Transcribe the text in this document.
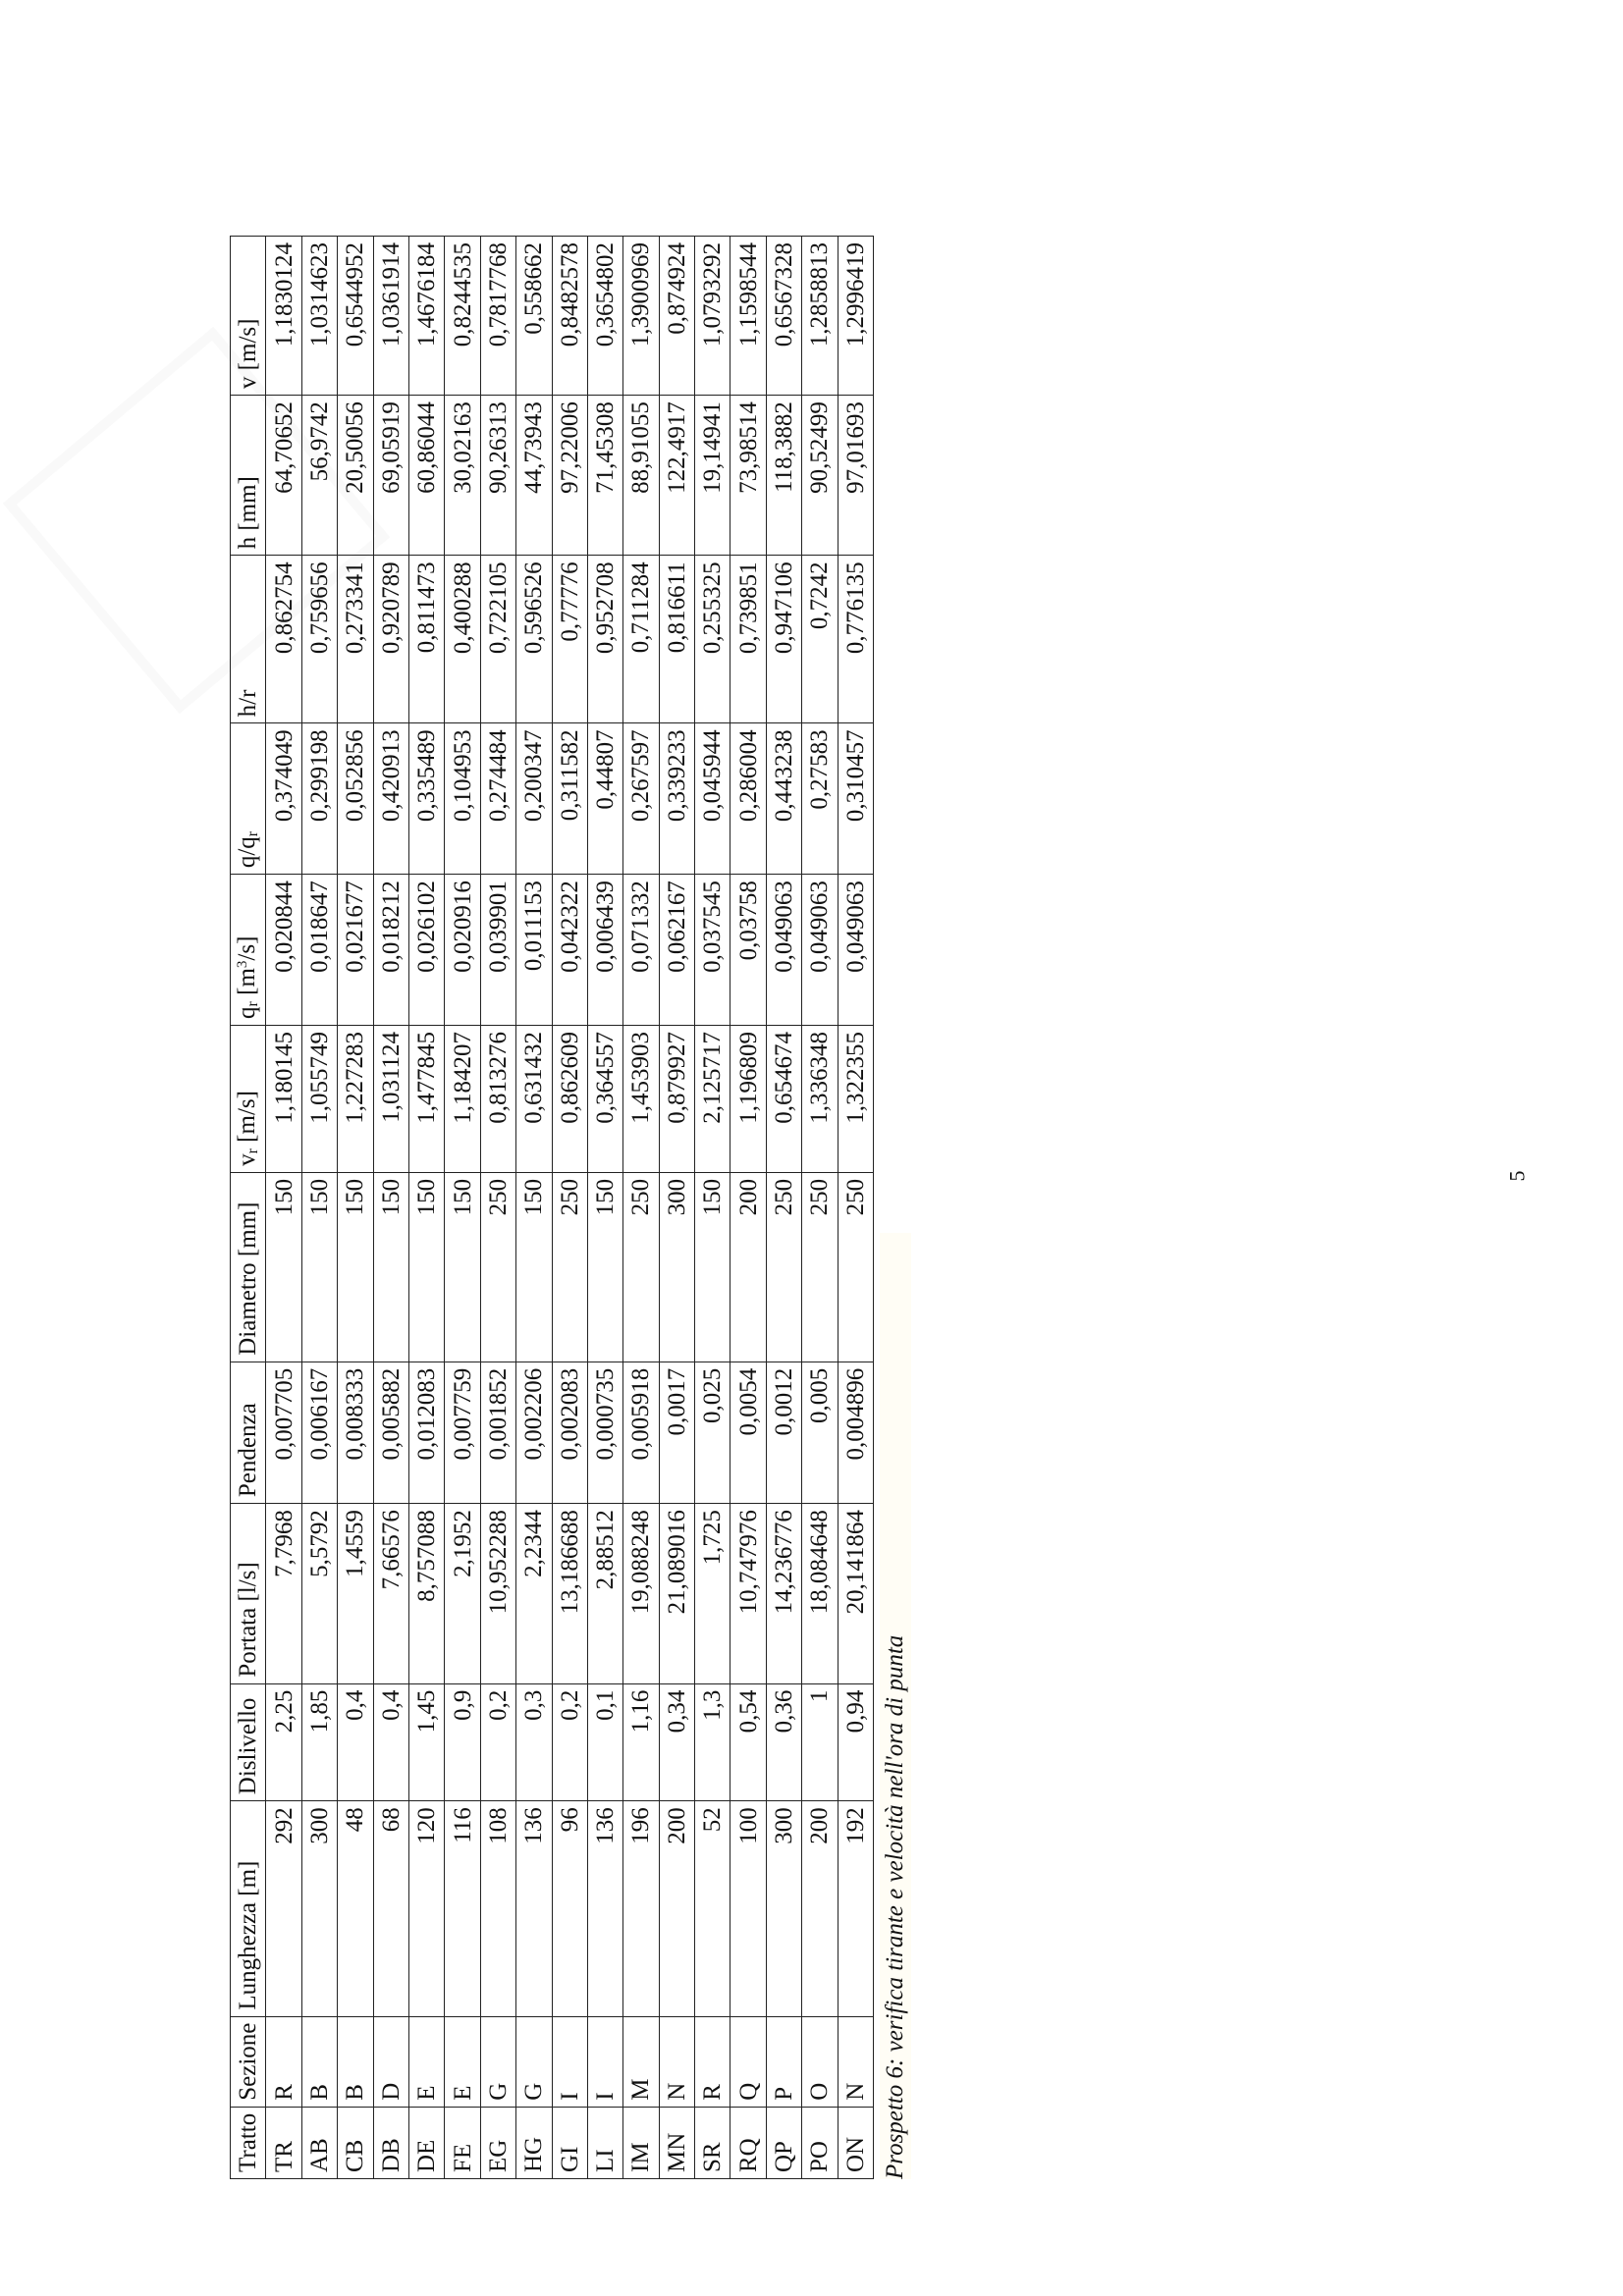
Tratto	Sezione	Lunghezza [m]	Dislivello	Portata [l/s]	Pendenza	Diametro [mm]	vr [m/s]	qr $[m^3/s]$	q/qr	h/r	h [mm]	v [m/s]
TR	R	292	2,25	7,7968	0,007705	150	1,180145	0,020844	0,374049	0,862754	64,70652	1,1830124
AB	B	300	1,85	5,5792	0,006167	150	1,055749	0,018647	0,299198	0,759656	56,9742	1,0314623
CB	B	48	0,4	1,4559	0,008333	150	1,227283	0,021677	0,052856	0,273341	20,50056	0,6544952
DB	D	68	0,4	7,66576	0,005882	150	1,031124	0,018212	0,420913	0,920789	69,05919	1,0361914
DE	E	120	1,45	8,757088	0,012083	150	1,477845	0,026102	0,335489	0,811473	60,86044	1,4676184
FE	E	116	0,9	2,1952	0,007759	150	1,184207	0,020916	0,104953	0,400288	30,02163	0,8244535
EG	G	108	0,2	10,952288	0,001852	250	0,813276	0,039901	0,274484	0,722105	90,26313	0,7817768
HG	G	136	0,3	2,2344	0,002206	150	0,631432	0,011153	0,200347	0,596526	44,73943	0,558662
GI	I	96	0,2	13,186688	0,002083	250	0,862609	0,042322	0,311582	0,77776	97,22006	0,8482578
LI	I	136	0,1	2,88512	0,000735	150	0,364557	0,006439	0,44807	0,952708	71,45308	0,3654802
IM	M	196	1,16	19,088248	0,005918	250	1,453903	0,071332	0,267597	0,711284	88,91055	1,3900969
MN	N	200	0,34	21,089016	0,0017	300	0,879927	0,062167	0,339233	0,816611	122,4917	0,874924
SR	R	52	1,3	1,725	0,025	150	2,125717	0,037545	0,045944	0,255325	19,14941	1,0793292
RQ	Q	100	0,54	10,747976	0,0054	200	1,196809	0,03758	0,286004	0,739851	73,98514	1,1598544
QP	P	300	0,36	14,236776	0,0012	250	0,654674	0,049063	0,443238	0,947106	118,3882	0,6567328
PO	O	200	1	18,084648	0,005	250	1,336348	0,049063	0,27583	0,7242	90,52499	1,2858813
ON	N	192	0,94	20,141864	0,004896	250	1,322355	0,049063	0,310457	0,776135	97,01693	1,2996419
Prospetto 6: verifica tirante e velocità nell'ora di punta
5
